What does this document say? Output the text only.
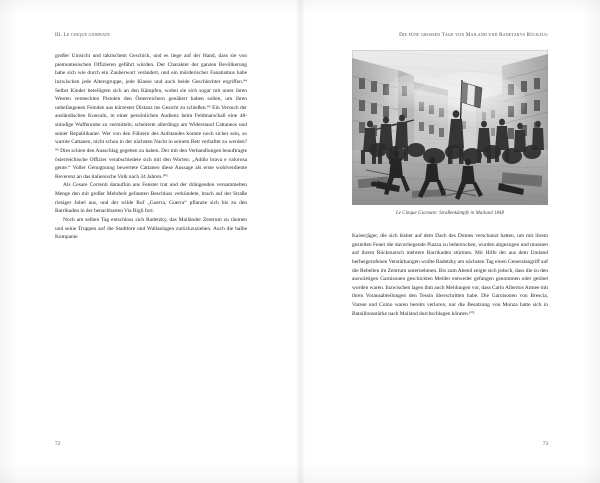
III. Le cinque giornate

großer Umsicht und taktischem Geschick, und es liege auf der Hand, dass sie von piemontesischen Offizieren geführt würden. Der Charakter der ganzen Bevölkerung habe sich wie durch ein Zauberwort verändert, und ein mörderischer Fanatismus habe inzwischen jede Altersgruppe, jede Klasse und auch beide Geschlechter ergriffen.⁹⁴ Selbst Kinder beteiligten sich an den Kämpfen, wobei sie sich sogar mit unter ihren Westen versteckten Pistolen den Österreichern genähert haben sollen, um ihren unbefangenen Feinden aus kürzester Distanz ins Gesicht zu schießen.⁹⁵ Ein Versuch der ausländischen Konsuln, in einer persönlichen Audienz beim Feldmarschall eine 48-stündige Waffenruhe zu vermitteln, scheiterte allerdings am Widerstand Cattaneos und seiner Republikaner. Wer von den Führern des Aufstandes konnte noch sicher sein, so warnte Cattaneo, nicht schon in der nächsten Nacht in seinem Bett verhaftet zu werden?⁹⁶ Dies schien den Ausschlag gegeben zu haben. Der mit den Verhandlungen beauftragte österreichische Offizier verabschiedete sich mit den Worten: „Addio brava e valorosa gente.“ Voller Genugtuung bewertete Cattaneo diese Aussage als erste wohlverdiente Reverenz an das italienische Volk nach 34 Jahren.¹⁰¹

Als Cesare Correnti daraufhin ans Fenster trat und der drängenden versammelten Menge den mit großer Mehrheit gefassten Beschluss verkündete, brach auf der Straße riesiger Jubel aus, und der wilde Ruf „Guerra, Guerra“ pflanzte sich bis zu den Barrikaden in der benachbarten Via Bigli fort.

Noch am selben Tag entschloss sich Radetzky, das Mailänder Zentrum zu räumen und seine Truppen auf die Stadttore und Wallanlagen zurückzuziehen. Auch die halbe Kompanie

72
Die fünf großen Tage von Mailand und Radetzkys Rückzug
Le Cinque Giornate: Straßenkämpfe in Mailand 1848

Kaiserjäger, die sich bisher auf dem Dach des Domes verschanzt hatten, um mit ihrem gezielten Feuer die davorliegende Piazza zu beherrschen, wurden abgezogen und mussten auf ihrem Rückmarsch mehrere Barrikaden stürmen. Mit Hilfe der aus dem Umland herbeigerufenen Verstärkungen wollte Radetzky am nächsten Tag einen Generalangriff auf die Rebellen im Zentrum unternehmen. Bis zum Abend zeigte sich jedoch, dass die zu den auswärtigen Garnisonen geschickten Melder entweder gefangen genommen oder getötet worden waren. Inzwischen lagen ihm auch Meldungen vor, dass Carlo Albertos Armee mit ihren Vorausabteilungen den Tessin überschritten habe. Die Garnisonen von Brescia, Varese und Como waren bereits verloren, nur die Besatzung von Monza hatte sich in Bataillonsstärke nach Mailand durchschlagen können.¹⁰²

73
